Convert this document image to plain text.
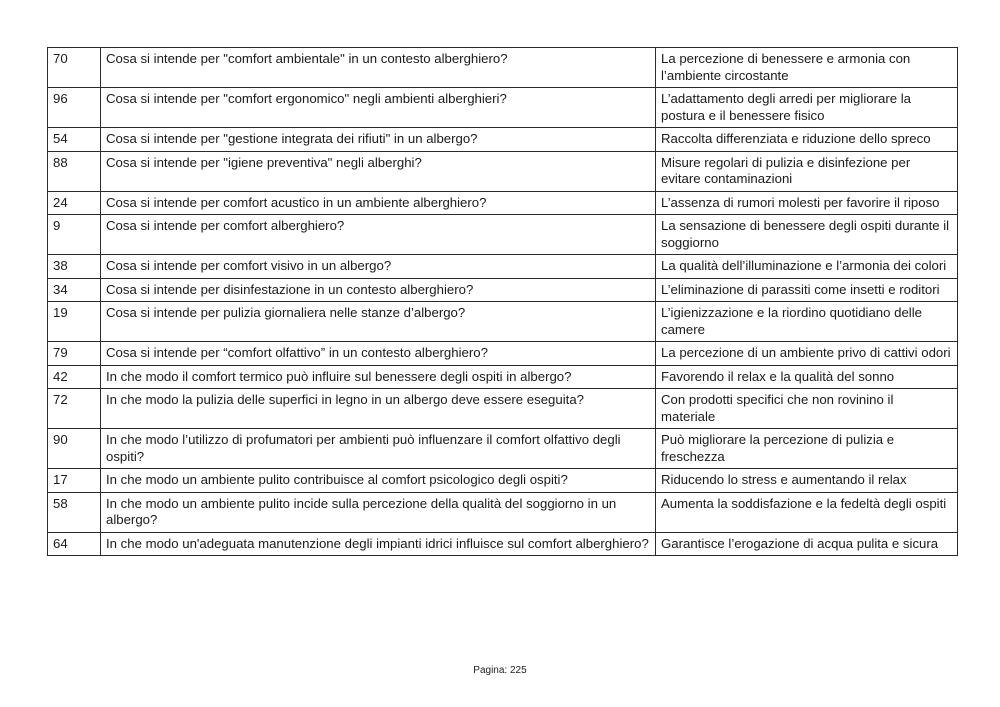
70	Cosa si intende per "comfort ambientale" in un contesto alberghiero?	La percezione di benessere e armonia con l’ambiente circostante
96	Cosa si intende per "comfort ergonomico" negli ambienti alberghieri?	L’adattamento degli arredi per migliorare la postura e il benessere fisico
54	Cosa si intende per "gestione integrata dei rifiuti" in un albergo?	Raccolta differenziata e riduzione dello spreco
88	Cosa si intende per "igiene preventiva" negli alberghi?	Misure regolari di pulizia e disinfezione per evitare contaminazioni
24	Cosa si intende per comfort acustico in un ambiente alberghiero?	L’assenza di rumori molesti per favorire il riposo
9	Cosa si intende per comfort alberghiero?	La sensazione di benessere degli ospiti durante il soggiorno
38	Cosa si intende per comfort visivo in un albergo?	La qualità dell’illuminazione e l’armonia dei colori
34	Cosa si intende per disinfestazione in un contesto alberghiero?	L’eliminazione di parassiti come insetti e roditori
19	Cosa si intende per pulizia giornaliera nelle stanze d’albergo?	L’igienizzazione e la riordino quotidiano delle camere
79	Cosa si intende per “comfort olfattivo” in un contesto alberghiero?	La percezione di un ambiente privo di cattivi odori
42	In che modo il comfort termico può influire sul benessere degli ospiti in albergo?	Favorendo il relax e la qualità del sonno
72	In che modo la pulizia delle superfici in legno in un albergo deve essere eseguita?	Con prodotti specifici che non rovinino il materiale
90	In che modo l’utilizzo di profumatori per ambienti può influenzare il comfort olfattivo degli ospiti?	Può migliorare la percezione di pulizia e freschezza
17	In che modo un ambiente pulito contribuisce al comfort psicologico degli ospiti?	Riducendo lo stress e aumentando il relax
58	In che modo un ambiente pulito incide sulla percezione della qualità del soggiorno in un albergo?	Aumenta la soddisfazione e la fedeltà degli ospiti
64	In che modo un'adeguata manutenzione degli impianti idrici influisce sul comfort alberghiero?	Garantisce l’erogazione di acqua pulita e sicura
Pagina: 225
